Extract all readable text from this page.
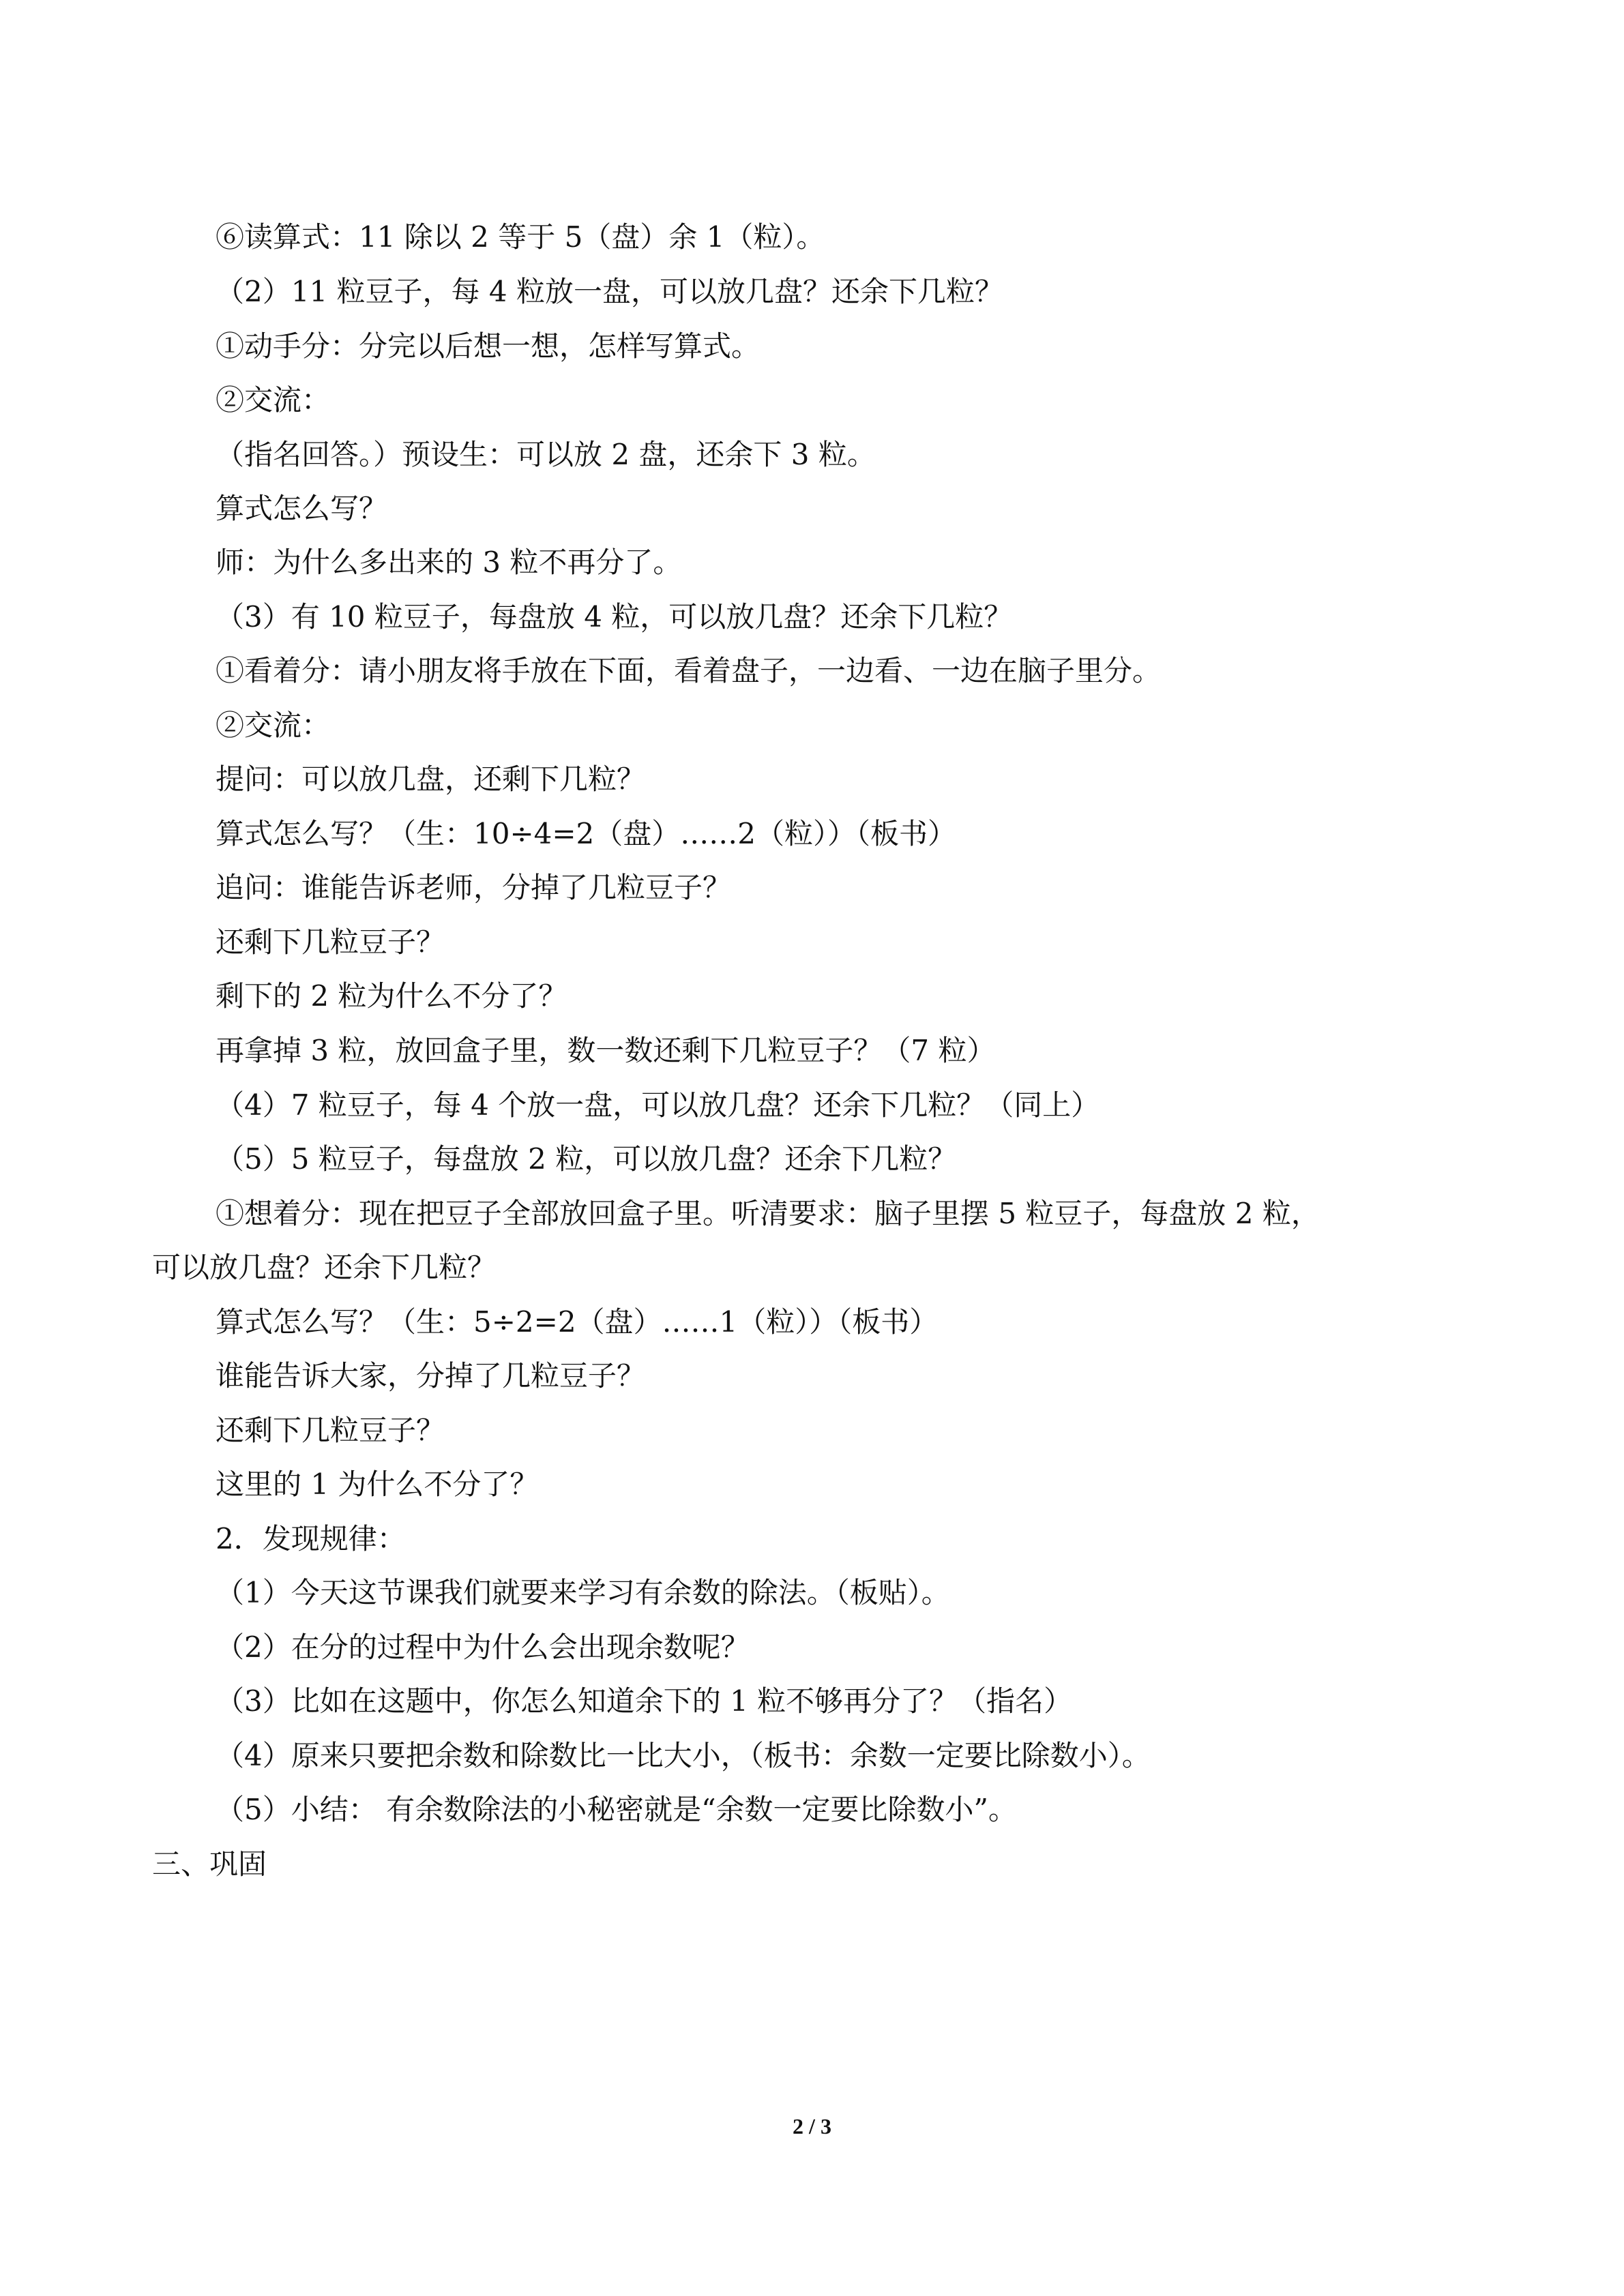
⑥读算式：11 除以 2 等于 5（盘）余 1（粒）。
（2）11 粒豆子，每 4 粒放一盘，可以放几盘？还余下几粒？
①动手分：分完以后想一想，怎样写算式。
②交流：
（指名回答。）预设生：可以放 2 盘，还余下 3 粒。
算式怎么写？
师：为什么多出来的 3 粒不再分了。
（3）有 10 粒豆子，每盘放 4 粒，可以放几盘？还余下几粒？
①看着分：请小朋友将手放在下面，看着盘子，一边看、一边在脑子里分。
②交流：
提问：可以放几盘，还剩下几粒？
算式怎么写？（生：10÷4=2（盘）……2（粒））（板书）
追问：谁能告诉老师，分掉了几粒豆子？
还剩下几粒豆子？
剩下的 2 粒为什么不分了？
再拿掉 3 粒，放回盒子里，数一数还剩下几粒豆子？（7 粒）
（4）7 粒豆子，每 4 个放一盘，可以放几盘？还余下几粒？（同上）
（5）5 粒豆子，每盘放 2 粒，可以放几盘？还余下几粒？
①想着分：现在把豆子全部放回盒子里。听清要求：脑子里摆 5 粒豆子，每盘放 2 粒，
可以放几盘？还余下几粒？
算式怎么写？（生：5÷2=2（盘）……1（粒））（板书）
谁能告诉大家，分掉了几粒豆子？
还剩下几粒豆子？
这里的 1 为什么不分了？
2．发现规律：
（1）今天这节课我们就要来学习有余数的除法。（板贴）。
（2）在分的过程中为什么会出现余数呢？
（3）比如在这题中，你怎么知道余下的 1 粒不够再分了？（指名）
（4）原来只要把余数和除数比一比大小，（板书：余数一定要比除数小）。
（5）小结： 有余数除法的小秘密就是“余数一定要比除数小”。
三、巩固
2 / 3
